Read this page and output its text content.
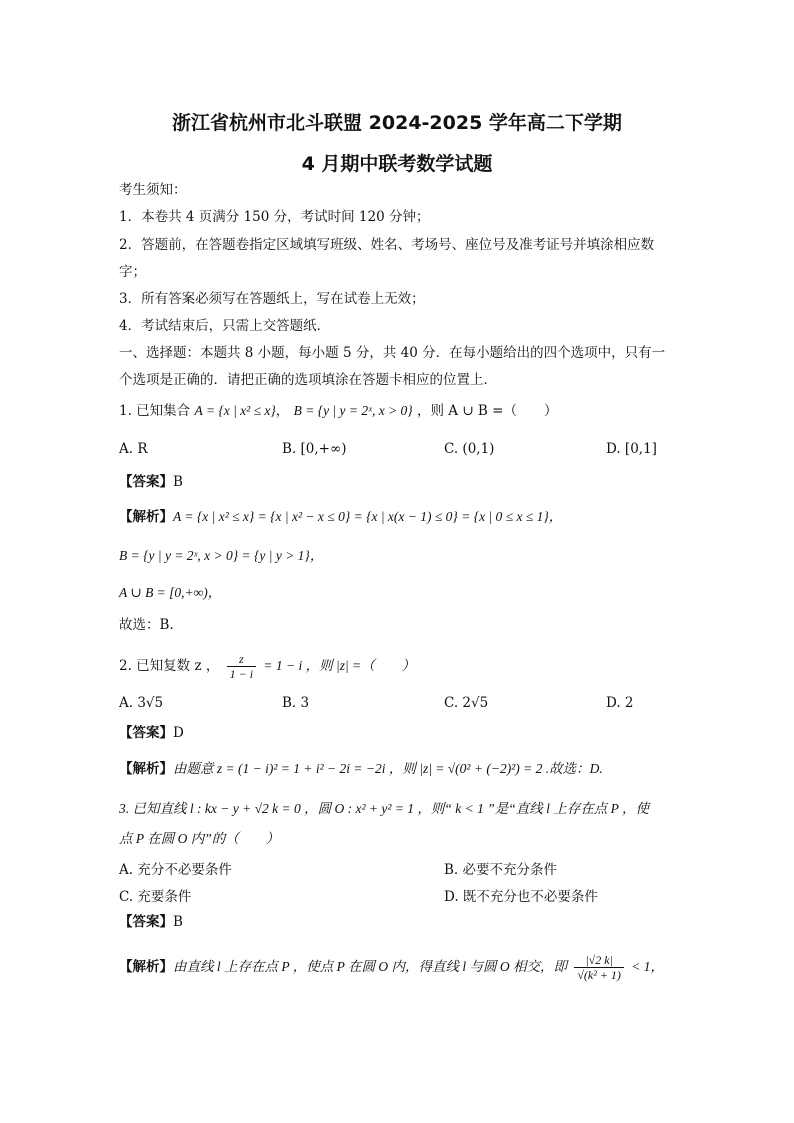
浙江省杭州市北斗联盟 2024-2025 学年高二下学期
4 月期中联考数学试题
考生须知：
1．本卷共 4 页满分 150 分，考试时间 120 分钟；
2．答题前，在答题卷指定区域填写班级、姓名、考场号、座位号及准考证号并填涂相应数
字；
3．所有答案必须写在答题纸上，写在试卷上无效；
4．考试结束后，只需上交答题纸．
一、选择题：本题共 8 小题，每小题 5 分，共 40 分．在每小题给出的四个选项中，只有一
个选项是正确的．请把正确的选项填涂在答题卡相应的位置上．
1. 已知集合 A = {x | x² ≤ x}， B = {y | y = 2ˣ, x > 0} ，则 A ∪ B =（　　）
A. R	B. [0,+∞)	C. (0,1)	D. [0,1]
【答案】B
【解析】A = {x | x² ≤ x} = {x | x² − x ≤ 0} = {x | x(x − 1) ≤ 0} = {x | 0 ≤ x ≤ 1}，
B = {y | y = 2ˣ, x > 0} = {y | y > 1}，
A ∪ B = [0,+∞)，
故选：B.
2. 已知复数 z ， $\frac{z}{1 - i} = 1 - i$ ，则 |z| =（　　）
A. 3√5	B. 3	C. 2√5	D. 2
【答案】D
【解析】由题意 z = (1 − i)² = 1 + i² − 2i = −2i ，则 |z| = √(0² + (−2)²) = 2 .故选：D.
3. 已知直线 l : kx − y + √2 k = 0 ，圆 O : x² + y² = 1 ，则“ k < 1 ”是“直线 l 上存在点 P ，使
点 P 在圆 O 内”的（　　）
A. 充分不必要条件	B. 必要不充分条件
C. 充要条件	D. 既不充分也不必要条件
【答案】B
【解析】由直线 l 上存在点 P ，使点 P 在圆 O 内，得直线 l 与圆 O 相交，即 $\frac{|√2 k|}{\text{√(k² + 1)}} < 1$，
